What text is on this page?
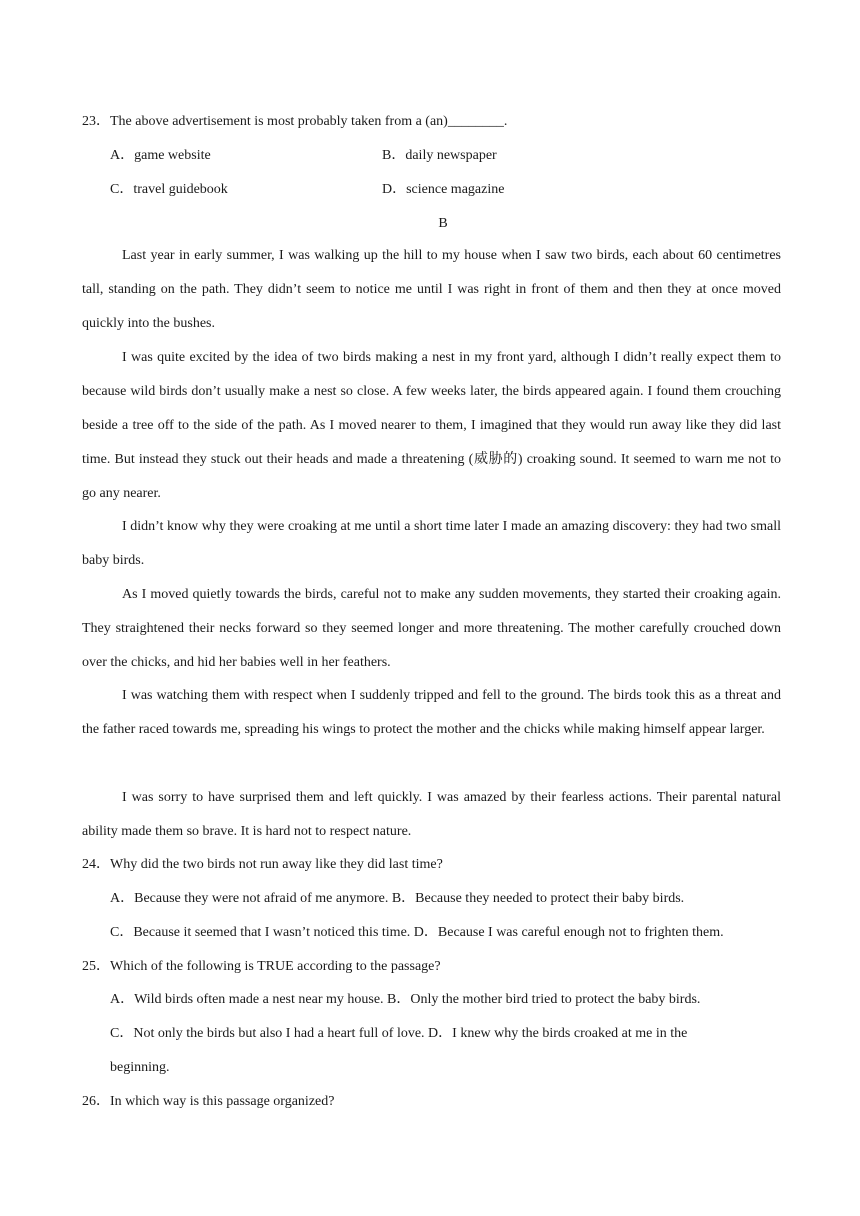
23．The above advertisement is most probably taken from a (an)________.
A．game website	B．daily newspaper
C．travel guidebook	D．science magazine
B

Last year in early summer, I was walking up the hill to my house when I saw two birds, each about 60 centimetres tall, standing on the path. They didn’t seem to notice me until I was right in front of them and then they at once moved quickly into the bushes.

I was quite excited by the idea of two birds making a nest in my front yard, although I didn’t really expect them to because wild birds don’t usually make a nest so close. A few weeks later, the birds appeared again. I found them crouching beside a tree off to the side of the path. As I moved nearer to them, I imagined that they would run away like they did last time. But instead they stuck out their heads and made a threatening (威胁的) croaking sound. It seemed to warn me not to go any nearer.

I didn’t know why they were croaking at me until a short time later I made an amazing discovery: they had two small baby birds.

As I moved quietly towards the birds, careful not to make any sudden movements, they started their croaking again. They straightened their necks forward so they seemed longer and more threatening. The mother carefully crouched down over the chicks, and hid her babies well in her feathers.

I was watching them with respect when I suddenly tripped and fell to the ground. The birds took this as a threat and the father raced towards me, spreading his wings to protect the mother and the chicks while making himself appear larger.

I was sorry to have surprised them and left quickly. I was amazed by their fearless actions. Their parental natural ability made them so brave. It is hard not to respect nature.

24．Why did the two birds not run away like they did last time?
A．Because they were not afraid of me anymore. B．Because they needed to protect their baby birds.
C．Because it seemed that I wasn’t noticed this time. D．Because I was careful enough not to frighten them.
25．Which of the following is TRUE according to the passage?
A．Wild birds often made a nest near my house. B．Only the mother bird tried to protect the baby birds.
C．Not only the birds but also I had a heart full of love. D．I knew why the birds croaked at me in the
beginning.
26．In which way is this passage organized?
